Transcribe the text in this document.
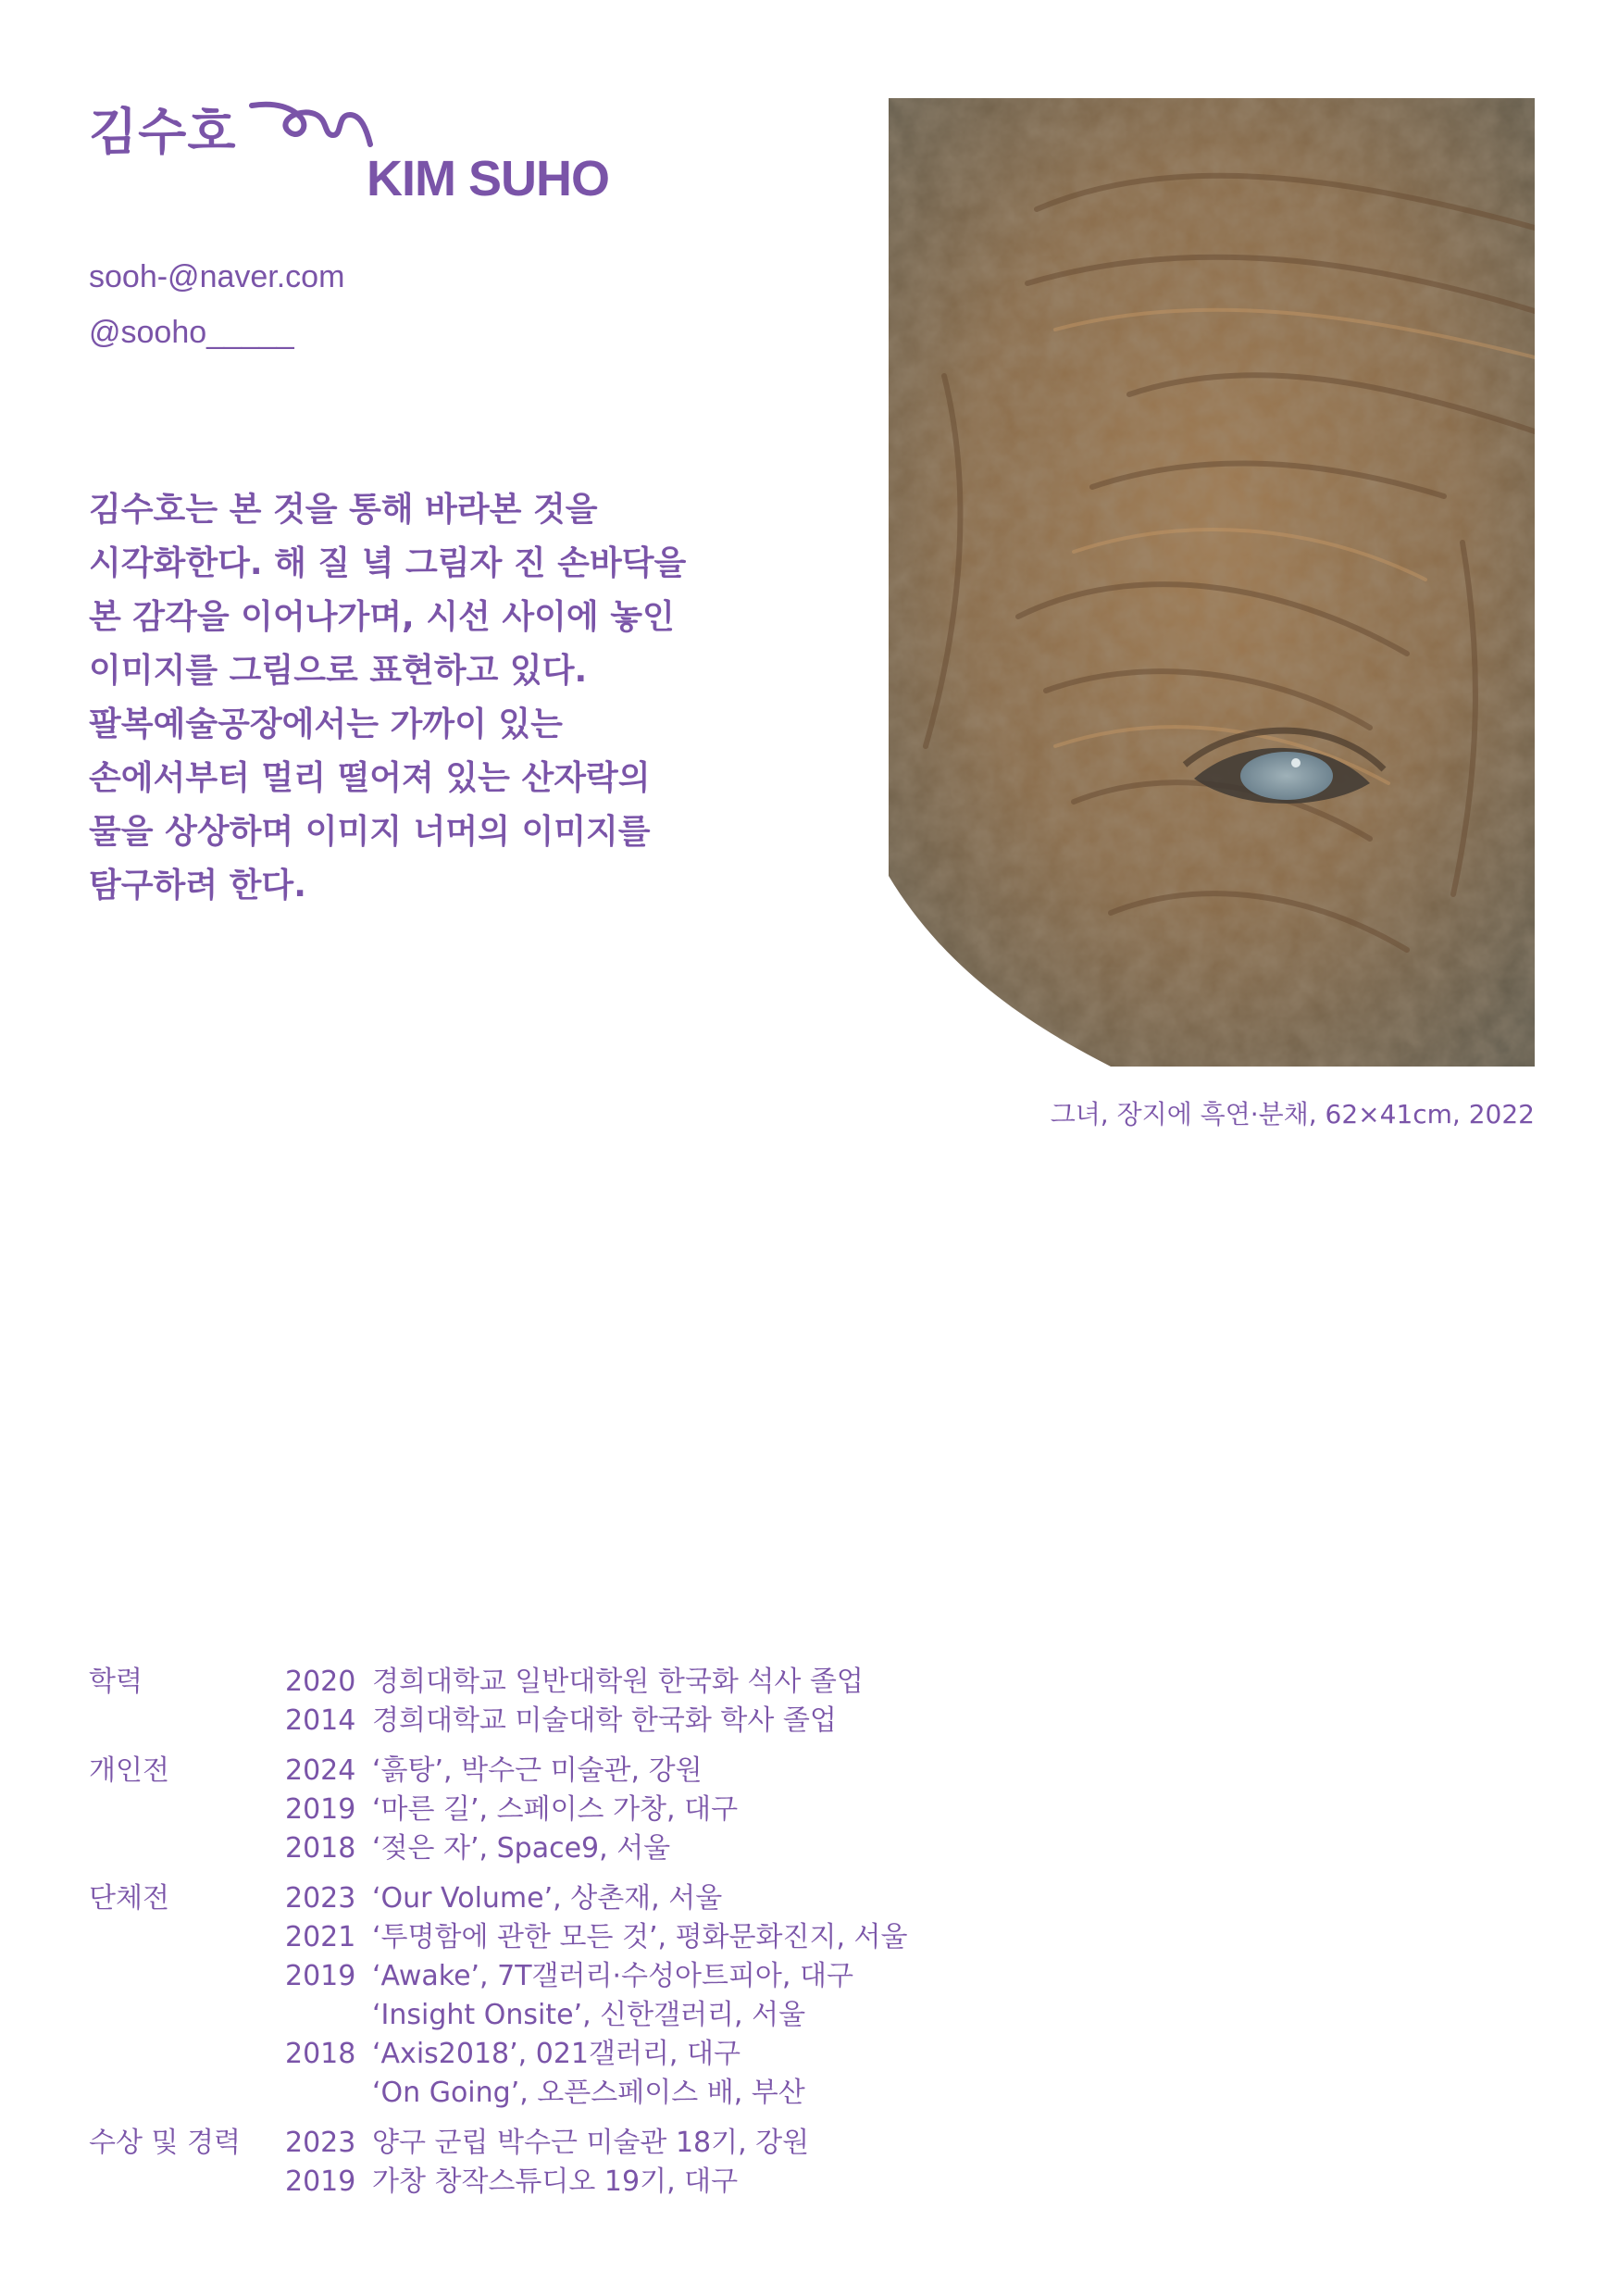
김수호
KIM SUHO
sooh-@naver.com
@sooho_____
김수호는 본 것을 통해 바라본 것을
시각화한다. 해 질 녘 그림자 진 손바닥을
본 감각을 이어나가며, 시선 사이에 놓인
이미지를 그림으로 표현하고 있다.
팔복예술공장에서는 가까이 있는
손에서부터 멀리 떨어져 있는 산자락의
물을 상상하며 이미지 너머의 이미지를
탐구하려 한다.
그녀, 장지에 흑연·분채, 62×41cm, 2022
학력	2020 경희대학교 일반대학원 한국화 석사 졸업
2014 경희대학교 미술대학 한국화 학사 졸업
개인전	2024 ‘흙탕’, 박수근 미술관, 강원
2019 ‘마른 길’, 스페이스 가창, 대구
2018 ‘젖은 자’, Space9, 서울
단체전	2023 ‘Our Volume’, 상촌재, 서울
2021 ‘투명함에 관한 모든 것’, 평화문화진지, 서울
2019 ‘Awake’, 7T갤러리·수성아트피아, 대구
‘Insight Onsite’, 신한갤러리, 서울
2018 ‘Axis2018’, 021갤러리, 대구
‘On Going’, 오픈스페이스 배, 부산
수상 및 경력	2023 양구 군립 박수근 미술관 18기, 강원
2019 가창 창작스튜디오 19기, 대구
